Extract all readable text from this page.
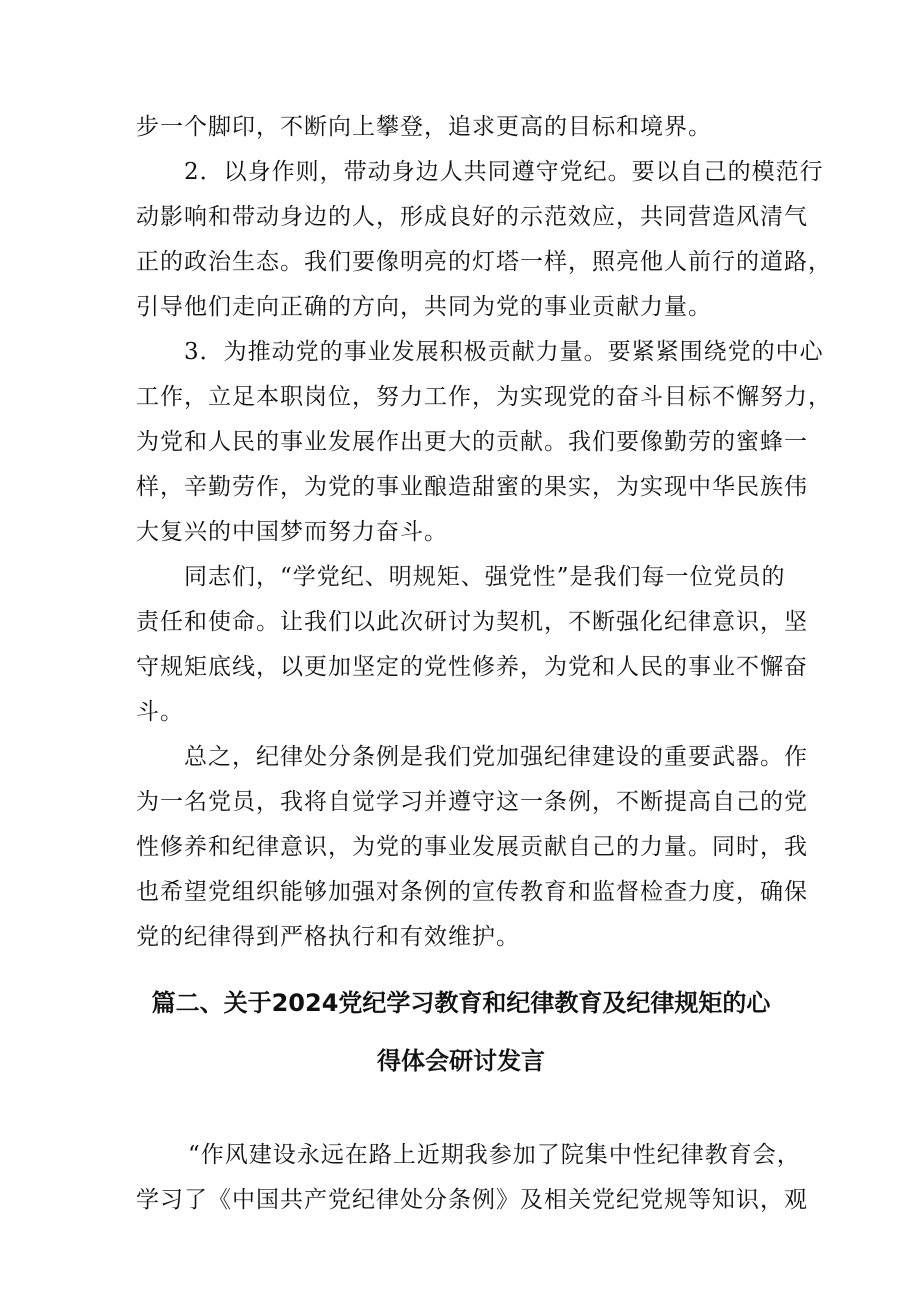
步一个脚印，不断向上攀登，追求更高的目标和境界。
2．以身作则，带动身边人共同遵守党纪。要以自己的模范行
动影响和带动身边的人，形成良好的示范效应，共同营造风清气
正的政治生态。我们要像明亮的灯塔一样，照亮他人前行的道路，
引导他们走向正确的方向，共同为党的事业贡献力量。
3．为推动党的事业发展积极贡献力量。要紧紧围绕党的中心
工作，立足本职岗位，努力工作，为实现党的奋斗目标不懈努力，
为党和人民的事业发展作出更大的贡献。我们要像勤劳的蜜蜂一
样，辛勤劳作，为党的事业酿造甜蜜的果实，为实现中华民族伟
大复兴的中国梦而努力奋斗。
同志们，“学党纪、明规矩、强党性”是我们每一位党员的
责任和使命。让我们以此次研讨为契机，不断强化纪律意识，坚
守规矩底线，以更加坚定的党性修养，为党和人民的事业不懈奋
斗。
总之，纪律处分条例是我们党加强纪律建设的重要武器。作
为一名党员，我将自觉学习并遵守这一条例，不断提高自己的党
性修养和纪律意识，为党的事业发展贡献自己的力量。同时，我
也希望党组织能够加强对条例的宣传教育和监督检查力度，确保
党的纪律得到严格执行和有效维护。
篇二、关于2024党纪学习教育和纪律教育及纪律规矩的心
得体会研讨发言
“作风建设永远在路上近期我参加了院集中性纪律教育会，
学习了《中国共产党纪律处分条例》及相关党纪党规等知识，观
